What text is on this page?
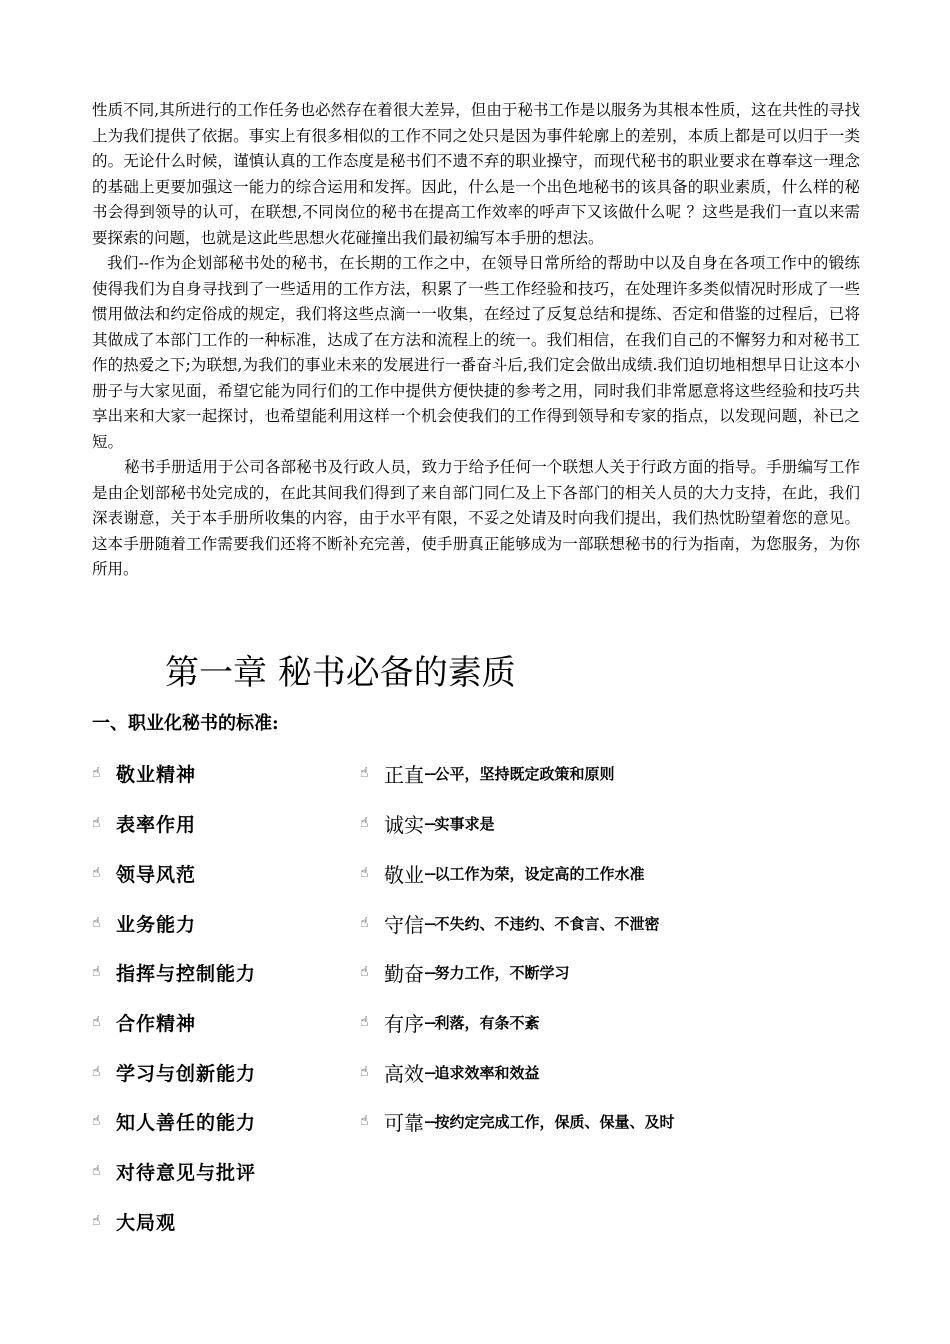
性质不同,其所进行的工作任务也必然存在着很大差异，但由于秘书工作是以服务为其根本性质，这在共性的寻找上为我们提供了依据。事实上有很多相似的工作不同之处只是因为事件轮廓上的差别，本质上都是可以归于一类的。无论什么时候，谨慎认真的工作态度是秘书们不遗不弃的职业操守，而现代秘书的职业要求在尊奉这一理念的基础上更要加强这一能力的综合运用和发挥。因此，什么是一个出色地秘书的该具备的职业素质，什么样的秘书会得到领导的认可，在联想,不同岗位的秘书在提高工作效率的呼声下又该做什么呢 ？这些是我们一直以来需要探索的问题，也就是这此些思想火花碰撞出我们最初编写本手册的想法。

我们--作为企划部秘书处的秘书，在长期的工作之中，在领导日常所给的帮助中以及自身在各项工作中的锻练使得我们为自身寻找到了一些适用的工作方法，积累了一些工作经验和技巧，在处理许多类似情况时形成了一些惯用做法和约定俗成的规定，我们将这些点滴一一收集，在经过了反复总结和提练、否定和借鉴的过程后，已将其做成了本部门工作的一种标准，达成了在方法和流程上的统一。我们相信，在我们自己的不懈努力和对秘书工作的热爱之下;为联想,为我们的事业未来的发展进行一番奋斗后,我们定会做出成绩.我们迫切地相想早日让这本小册子与大家见面，希望它能为同行们的工作中提供方便快捷的参考之用，同时我们非常愿意将这些经验和技巧共享出来和大家一起探讨，也希望能利用这样一个机会使我们的工作得到领导和专家的指点，以发现问题，补已之短。

秘书手册适用于公司各部秘书及行政人员，致力于给予任何一个联想人关于行政方面的指导。手册编写工作是由企划部秘书处完成的，在此其间我们得到了来自部门同仁及上下各部门的相关人员的大力支持，在此，我们深表谢意，关于本手册所收集的内容，由于水平有限，不妥之处请及时向我们提出，我们热忱盼望着您的意见。这本手册随着工作需要我们还将不断补充完善，使手册真正能够成为一部联想秘书的行为指南，为您服务，为你所用。

第一章 秘书必备的素质
一、职业化秘书的标准:
☝ 敬业精神
☝ 表率作用
☝ 领导风范
☝ 业务能力
☝ 指挥与控制能力
☝ 合作精神
☝ 学习与创新能力
☝ 知人善任的能力
☝ 对待意见与批评
☝ 大局观
☝ 正直 -- 公平，坚持既定政策和原则
☝ 诚实 -- 实事求是
☝ 敬业 -- 以工作为荣，设定高的工作水准
☝ 守信 -- 不失约、不违约、不食言、不泄密
☝ 勤奋 -- 努力工作，不断学习
☝ 有序 -- 利落，有条不紊
☝ 高效 -- 追求效率和效益
☝ 可靠 -- 按约定完成工作，保质、保量、及时
